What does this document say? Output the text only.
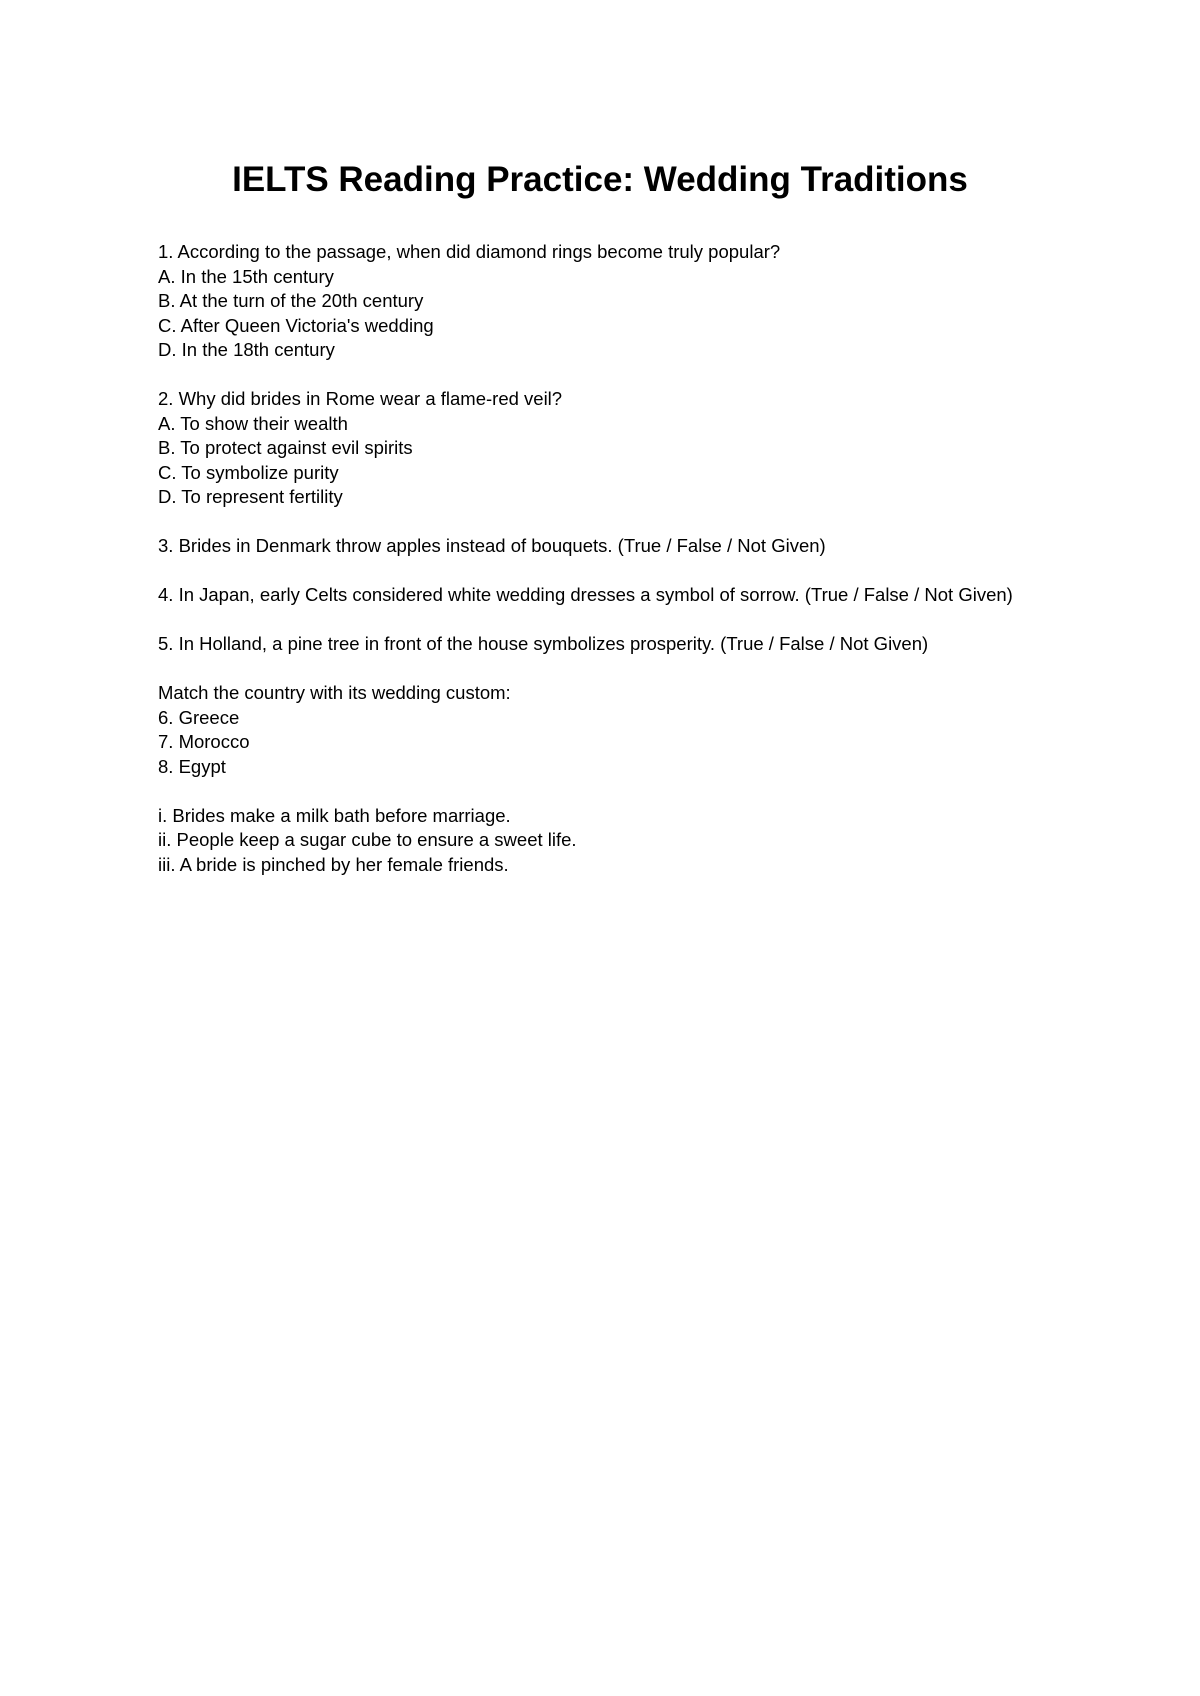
IELTS Reading Practice: Wedding Traditions
1. According to the passage, when did diamond rings become truly popular?
A. In the 15th century
B. At the turn of the 20th century
C. After Queen Victoria's wedding
D. In the 18th century
2. Why did brides in Rome wear a flame-red veil?
A. To show their wealth
B. To protect against evil spirits
C. To symbolize purity
D. To represent fertility
3. Brides in Denmark throw apples instead of bouquets. (True / False / Not Given)
4. In Japan, early Celts considered white wedding dresses a symbol of sorrow. (True / False / Not Given)
5. In Holland, a pine tree in front of the house symbolizes prosperity. (True / False / Not Given)
Match the country with its wedding custom:
6. Greece
7. Morocco
8. Egypt
i. Brides make a milk bath before marriage.
ii. People keep a sugar cube to ensure a sweet life.
iii. A bride is pinched by her female friends.
